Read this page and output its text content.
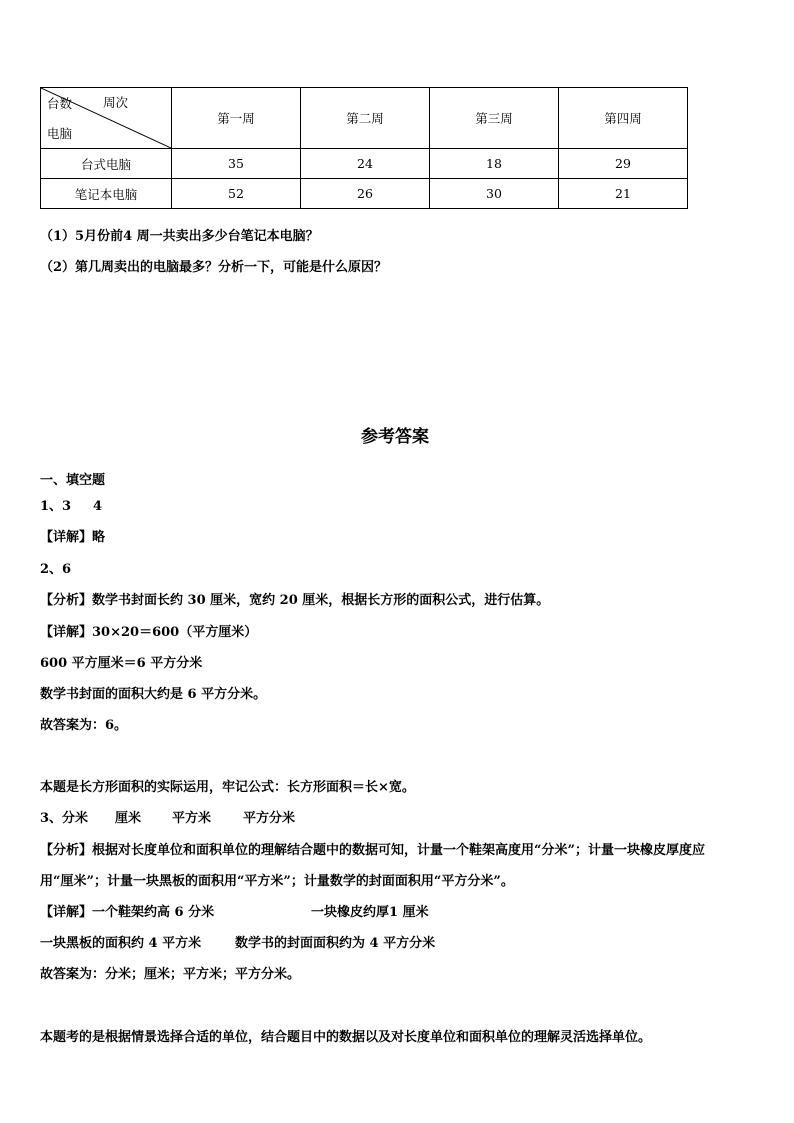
台数 周次
电脑	第一周	第二周	第三周	第四周
台式电脑	35	24	18	29
笔记本电脑	52	26	30	21
（1）5月份前4 周一共卖出多少台笔记本电脑？
（2）第几周卖出的电脑最多？分析一下，可能是什么原因？
参考答案
一、填空题
1、3 4
【详解】略
2、6
【分析】数学书封面长约 30 厘米，宽约 20 厘米，根据长方形的面积公式，进行估算。
【详解】30×20＝600（平方厘米）
600 平方厘米＝6 平方分米
数学书封面的面积大约是 6 平方分米。
故答案为：6。
本题是长方形面积的实际运用，牢记公式：长方形面积＝长×宽。
3、分米 厘米 平方米 平方分米
【分析】根据对长度单位和面积单位的理解结合题中的数据可知，计量一个鞋架高度用“分米”；计量一块橡皮厚度应
用“厘米”；计量一块黑板的面积用“平方米”；计量数学的封面面积用“平方分米”。
【详解】一个鞋架约高 6 分米	一块橡皮约厚1 厘米
一块黑板的面积约 4 平方米	数学书的封面面积约为 4 平方分米
故答案为：分米；厘米；平方米；平方分米。
本题考的是根据情景选择合适的单位，结合题目中的数据以及对长度单位和面积单位的理解灵活选择单位。
